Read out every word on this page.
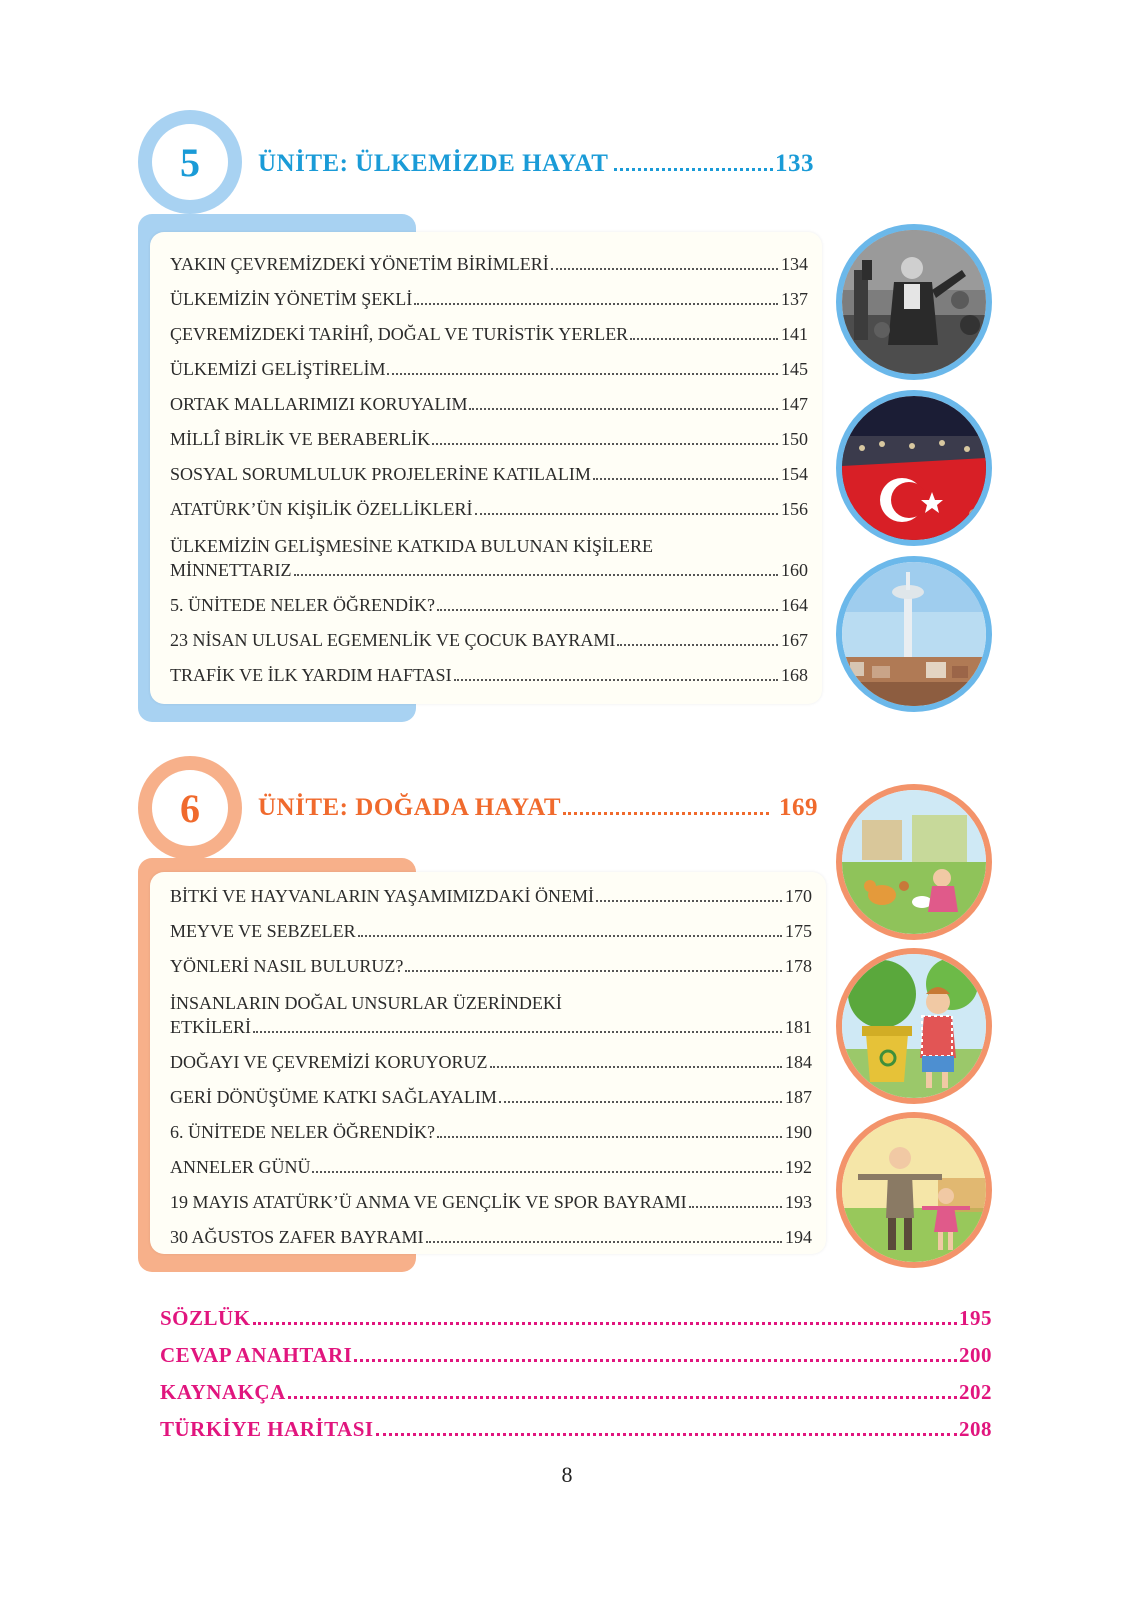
5	ÜNİTE: ÜLKEMİZDE HAYAT	133
YAKIN ÇEVREMİZDEKİ YÖNETİM BİRİMLERİ	134
ÜLKEMİZİN YÖNETİM ŞEKLİ	137
ÇEVREMİZDEKİ TARİHÎ, DOĞAL VE TURİSTİK YERLER	141
ÜLKEMİZİ GELİŞTİRELİM	145
ORTAK MALLARIMIZI KORUYALIM	147
MİLLÎ BİRLİK VE BERABERLİK	150
SOSYAL SORUMLULUK PROJELERİNE KATILALIM	154
ATATÜRK’ÜN KİŞİLİK ÖZELLİKLERİ	156
ÜLKEMİZİN GELİŞMESİNE KATKIDA BULUNAN KİŞİLERE
MİNNETTARIZ	160
5. ÜNİTEDE NELER ÖĞRENDİK?	164
23 NİSAN ULUSAL EGEMENLİK VE ÇOCUK BAYRAMI	167
TRAFİK VE İLK YARDIM HAFTASI	168
6	ÜNİTE: DOĞADA HAYAT	169
BİTKİ VE HAYVANLARIN YAŞAMIMIZDAKİ ÖNEMİ	170
MEYVE VE SEBZELER	175
YÖNLERİ NASIL BULURUZ?	178
İNSANLARIN DOĞAL UNSURLAR ÜZERİNDEKİ
ETKİLERİ	181
DOĞAYI VE ÇEVREMİZİ KORUYORUZ	184
GERİ DÖNÜŞÜME KATKI SAĞLAYALIM	187
6. ÜNİTEDE NELER ÖĞRENDİK?	190
ANNELER GÜNÜ	192
19 MAYIS ATATÜRK’Ü ANMA VE GENÇLİK VE SPOR BAYRAMI	193
30 AĞUSTOS ZAFER BAYRAMI	194
SÖZLÜK	195
CEVAP ANAHTARI	200
KAYNAKÇA	202
TÜRKİYE HARİTASI	208
8
